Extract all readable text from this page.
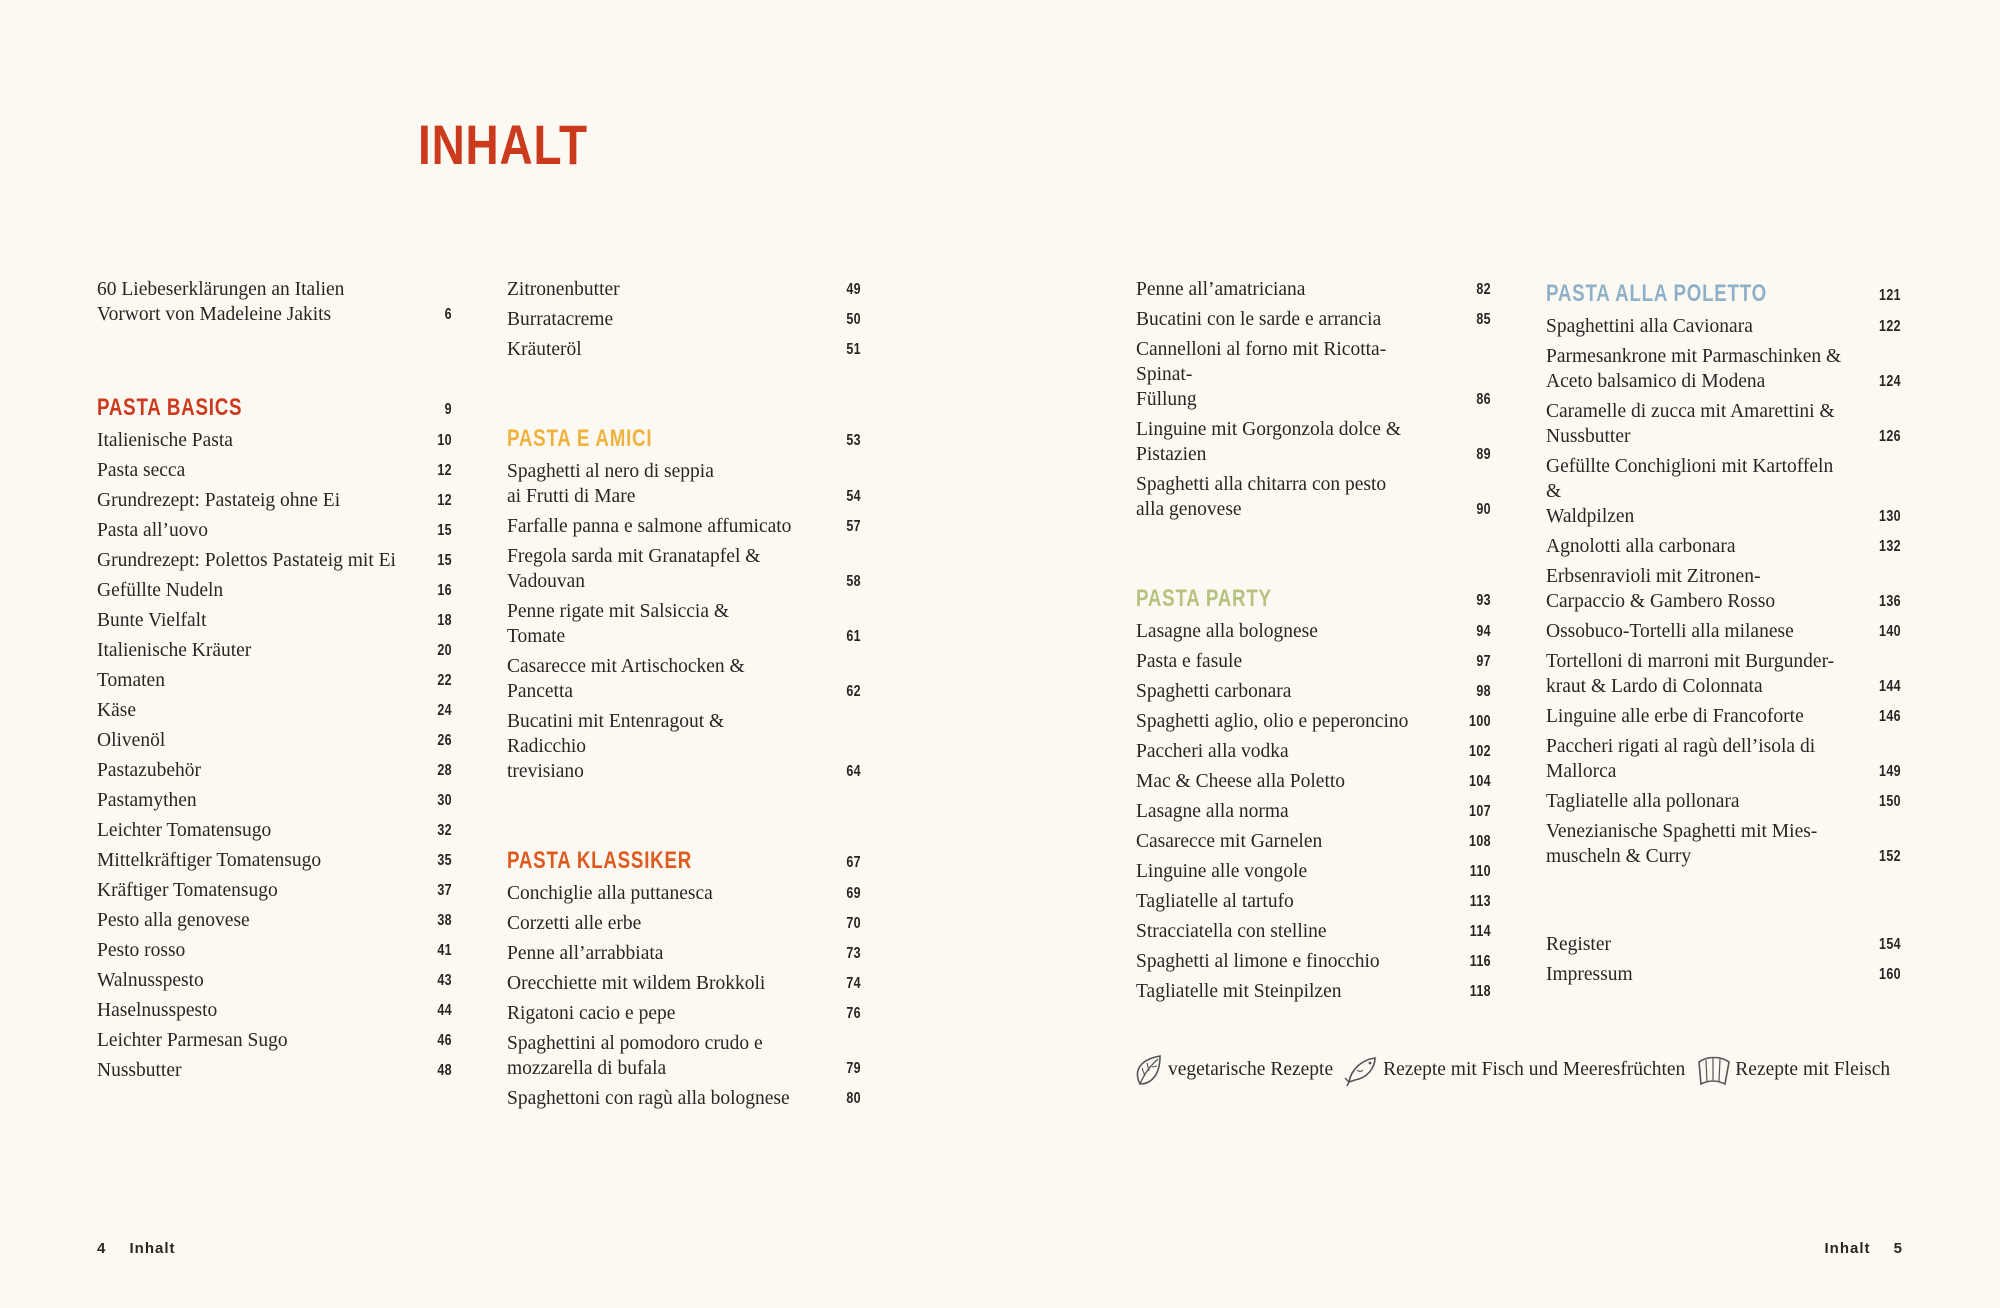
INHALT
60 Liebeserklärungen an Italien
Vorwort von Madeleine Jakits	6
PASTA BASICS	9
Italienische Pasta	10
Pasta secca	12
Grundrezept: Pastateig ohne Ei	12
Pasta all’uovo	15
Grundrezept: Polettos Pastateig mit Ei	15
Gefüllte Nudeln	16
Bunte Vielfalt	18
Italienische Kräuter	20
Tomaten	22
Käse	24
Olivenöl	26
Pastazubehör	28
Pastamythen	30
Leichter Tomatensugo	32
Mittelkräftiger Tomatensugo	35
Kräftiger Tomatensugo	37
Pesto alla genovese	38
Pesto rosso	41
Walnusspesto	43
Haselnusspesto	44
Leichter Parmesan Sugo	46
Nussbutter	48
Zitronenbutter	49
Burratacreme	50
Kräuteröl	51
PASTA E AMICI	53
Spaghetti al nero di seppia
ai Frutti di Mare	54
Farfalle panna e salmone affumicato	57
Fregola sarda mit Granatapfel &
Vadouvan	58
Penne rigate mit Salsiccia &
Tomate	61
Casarecce mit Artischocken &
Pancetta	62
Bucatini mit Entenragout & Radicchio
trevisiano	64
PASTA KLASSIKER	67
Conchiglie alla puttanesca	69
Corzetti alle erbe	70
Penne all’arrabbiata	73
Orecchiette mit wildem Brokkoli	74
Rigatoni cacio e pepe	76
Spaghettini al pomodoro crudo e
mozzarella di bufala	79
Spaghettoni con ragù alla bolognese	80
Penne all’amatriciana	82
Bucatini con le sarde e arrancia	85
Cannelloni al forno mit Ricotta-Spinat-
Füllung	86
Linguine mit Gorgonzola dolce &
Pistazien	89
Spaghetti alla chitarra con pesto
alla genovese	90
PASTA PARTY	93
Lasagne alla bolognese	94
Pasta e fasule	97
Spaghetti carbonara	98
Spaghetti aglio, olio e peperoncino	100
Paccheri alla vodka	102
Mac & Cheese alla Poletto	104
Lasagne alla norma	107
Casarecce mit Garnelen	108
Linguine alle vongole	110
Tagliatelle al tartufo	113
Stracciatella con stelline	114
Spaghetti al limone e finocchio	116
Tagliatelle mit Steinpilzen	118
PASTA ALLA POLETTO	121
Spaghettini alla Cavionara	122
Parmesankrone mit Parmaschinken &
Aceto balsamico di Modena	124
Caramelle di zucca mit Amarettini &
Nussbutter	126
Gefüllte Conchiglioni mit Kartoffeln &
Waldpilzen	130
Agnolotti alla carbonara	132
Erbsenravioli mit Zitronen-
Carpaccio & Gambero Rosso	136
Ossobuco-Tortelli alla milanese	140
Tortelloni di marroni mit Burgunder-
kraut & Lardo di Colonnata	144
Linguine alle erbe di Francoforte	146
Paccheri rigati al ragù dell’isola di
Mallorca	149
Tagliatelle alla pollonara	150
Venezianische Spaghetti mit Mies-
muscheln & Curry	152
Register	154
Impressum	160
vegetarische Rezepte	Rezepte mit Fisch und Meeresfrüchten	Rezepte mit Fleisch
4 Inhalt	Inhalt 5
